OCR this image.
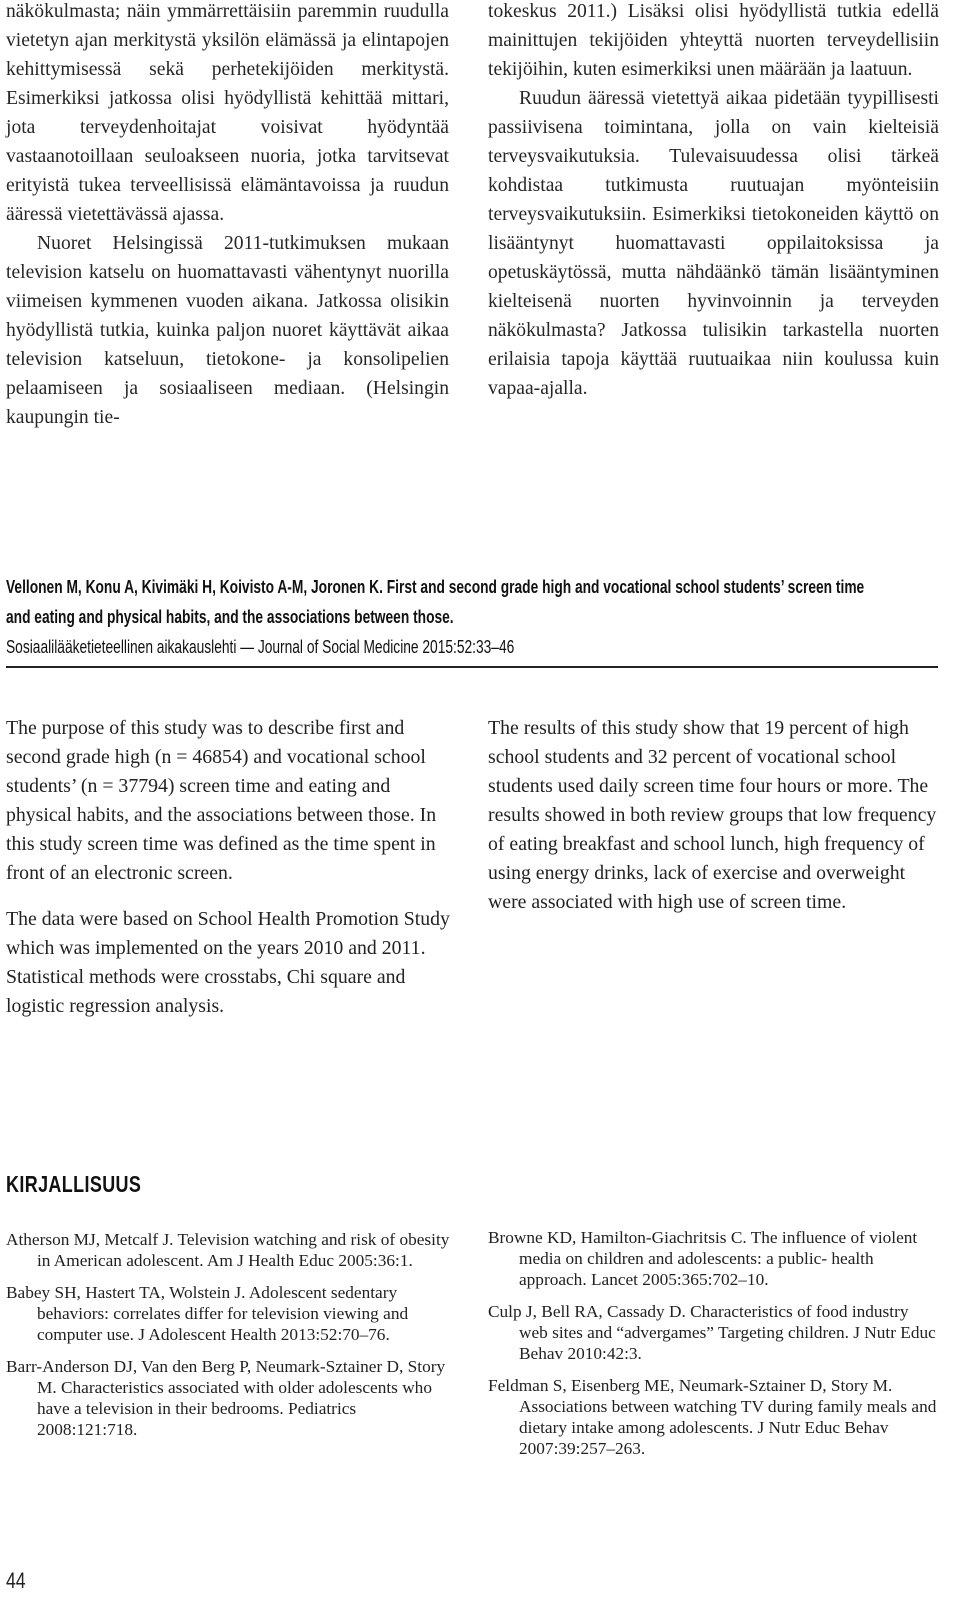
näkökulmasta; näin ymmärrettäisiin paremmin ruudulla vietetyn ajan merkitystä yksilön elämässä ja elintapojen kehittymisessä sekä perhetekijöiden merkitystä. Esimerkiksi jatkossa olisi hyödyllistä kehittää mittari, jota terveydenhoitajat voisivat hyödyntää vastaanotoillaan seuloakseen nuoria, jotka tarvitsevat erityistä tukea terveellisissä elämäntavoissa ja ruudun ääressä vietettävässä ajassa.

Nuoret Helsingissä 2011-tutkimuksen mukaan television katselu on huomattavasti vähentynyt nuorilla viimeisen kymmenen vuoden aikana. Jatkossa olisikin hyödyllistä tutkia, kuinka paljon nuoret käyttävät aikaa television katseluun, tietokone- ja konsolipelien pelaamiseen ja sosiaaliseen mediaan. (Helsingin kaupungin tie-

tokeskus 2011.) Lisäksi olisi hyödyllistä tutkia edellä mainittujen tekijöiden yhteyttä nuorten terveydellisiin tekijöihin, kuten esimerkiksi unen määrään ja laatuun.

Ruudun ääressä vietettyä aikaa pidetään tyypillisesti passiivisena toimintana, jolla on vain kielteisiä terveysvaikutuksia. Tulevaisuudessa olisi tärkeä kohdistaa tutkimusta ruutuajan myönteisiin terveysvaikutuksiin. Esimerkiksi tietokoneiden käyttö on lisääntynyt huomattavasti oppilaitoksissa ja opetuskäytössä, mutta nähdäänkö tämän lisääntyminen kielteisenä nuorten hyvinvoinnin ja terveyden näkökulmasta? Jatkossa tulisikin tarkastella nuorten erilaisia tapoja käyttää ruutuaikaa niin koulussa kuin vapaa-ajalla.

Vellonen M, Konu A, Kivimäki H, Koivisto A-M, Joronen K. First and second grade high and vocational school students’ screen time
and eating and physical habits, and the associations between those.
Sosiaalilääketieteellinen aikakauslehti — Journal of Social Medicine 2015:52:33–46

The purpose of this study was to describe first and second grade high (n = 46854) and vocational school students’ (n = 37794) screen time and eating and physical habits, and the associations between those. In this study screen time was defined as the time spent in front of an electronic screen.

The data were based on School Health Promotion Study which was implemented on the years 2010 and 2011. Statistical methods were crosstabs, Chi square and logistic regression analysis.

The results of this study show that 19 percent of high school students and 32 percent of vocational school students used daily screen time four hours or more. The results showed in both review groups that low frequency of eating breakfast and school lunch, high frequency of using energy drinks, lack of exercise and overweight were associated with high use of screen time.

KIRJALLISUUS
Atherson MJ, Metcalf J. Television watching and risk of obesity in American adolescent. Am J Health Educ 2005:36:1.
Babey SH, Hastert TA, Wolstein J. Adolescent sedentary behaviors: correlates differ for television viewing and computer use. J Adolescent Health 2013:52:70–76.
Barr-Anderson DJ, Van den Berg P, Neumark-Sztainer D, Story M. Characteristics associated with older adolescents who have a television in their bedrooms. Pediatrics 2008:121:718.
Browne KD, Hamilton-Giachritsis C. The influence of violent media on children and adolescents: a public- health approach. Lancet 2005:365:702–10.
Culp J, Bell RA, Cassady D. Characteristics of food industry web sites and “advergames” Targeting children. J Nutr Educ Behav 2010:42:3.
Feldman S, Eisenberg ME, Neumark-Sztainer D, Story M. Associations between watching TV during family meals and dietary intake among adolescents. J Nutr Educ Behav 2007:39:257–263.
44
